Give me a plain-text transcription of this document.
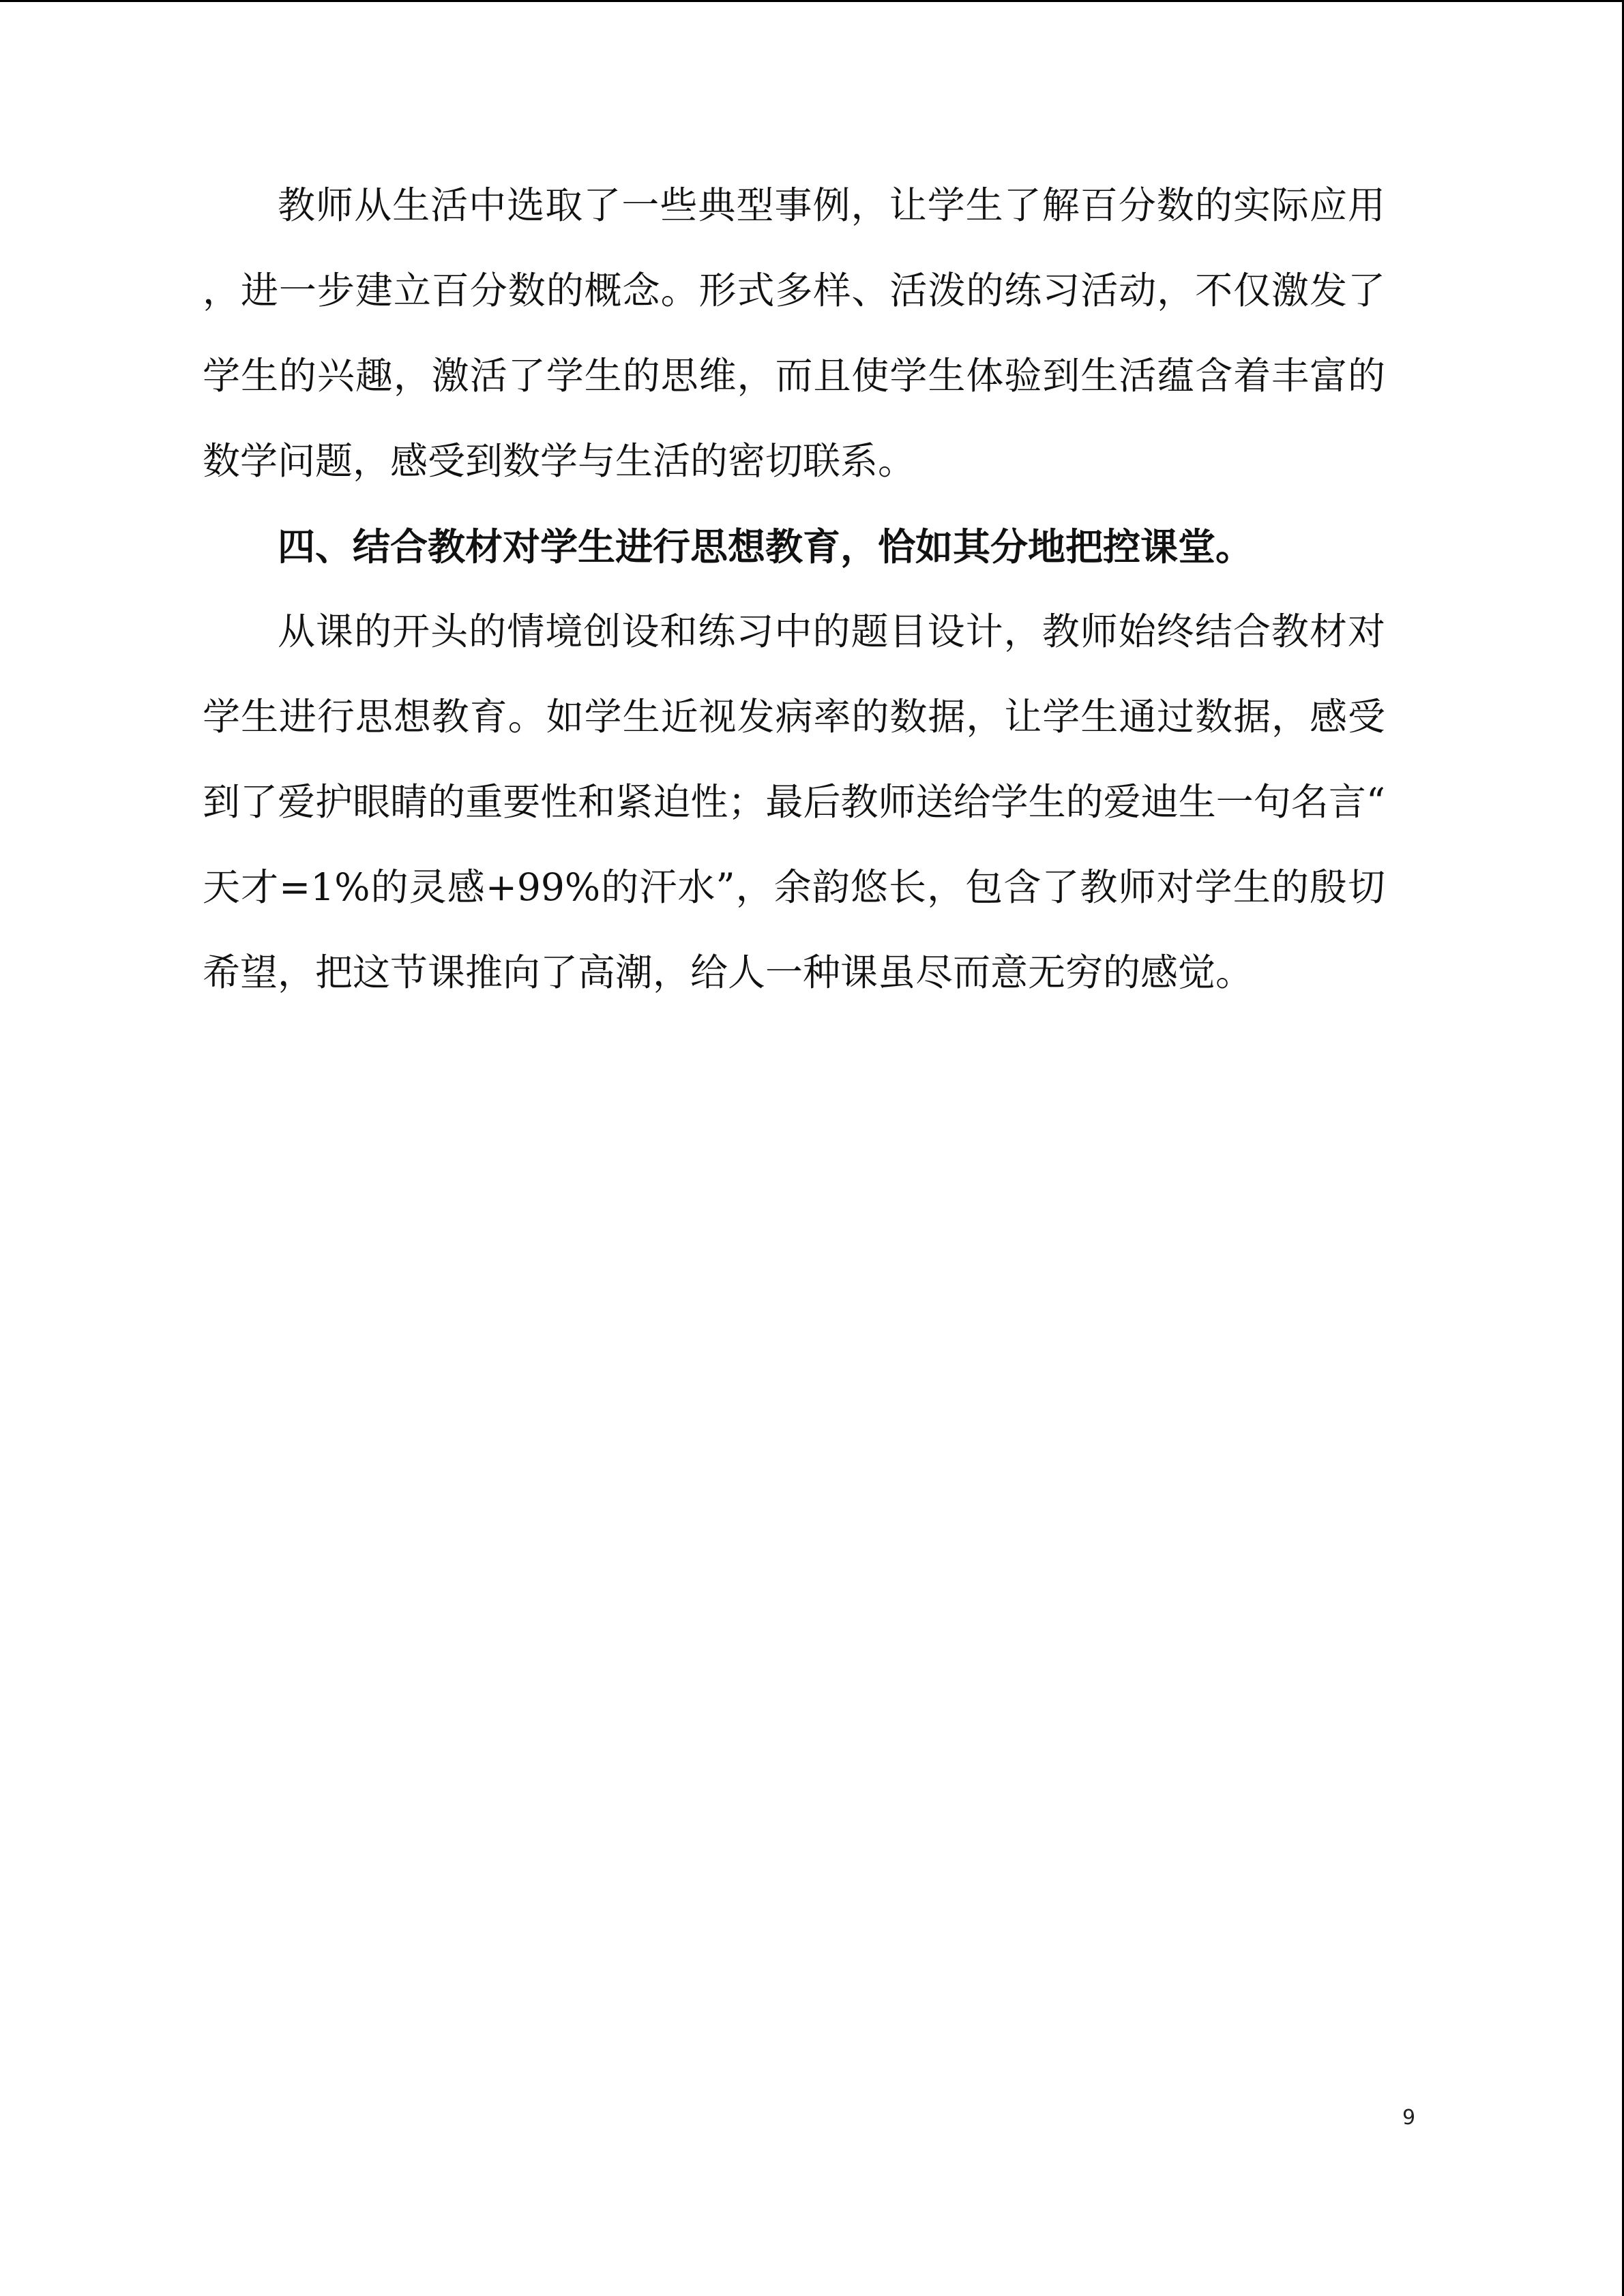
教师从生活中选取了一些典型事例，让学生了解百分数的实际应用，进一步建立百分数的概念。形式多样、活泼的练习活动，不仅激发了学生的兴趣，激活了学生的思维，而且使学生体验到生活蕴含着丰富的数学问题，感受到数学与生活的密切联系。

四、结合教材对学生进行思想教育，恰如其分地把控课堂。

从课的开头的情境创设和练习中的题目设计，教师始终结合教材对学生进行思想教育。如学生近视发病率的数据，让学生通过数据，感受到了爱护眼睛的重要性和紧迫性；最后教师送给学生的爱迪生一句名言“天才=1%的灵感+99%的汗水”，余韵悠长，包含了教师对学生的殷切希望，把这节课推向了高潮，给人一种课虽尽而意无穷的感觉。

9
